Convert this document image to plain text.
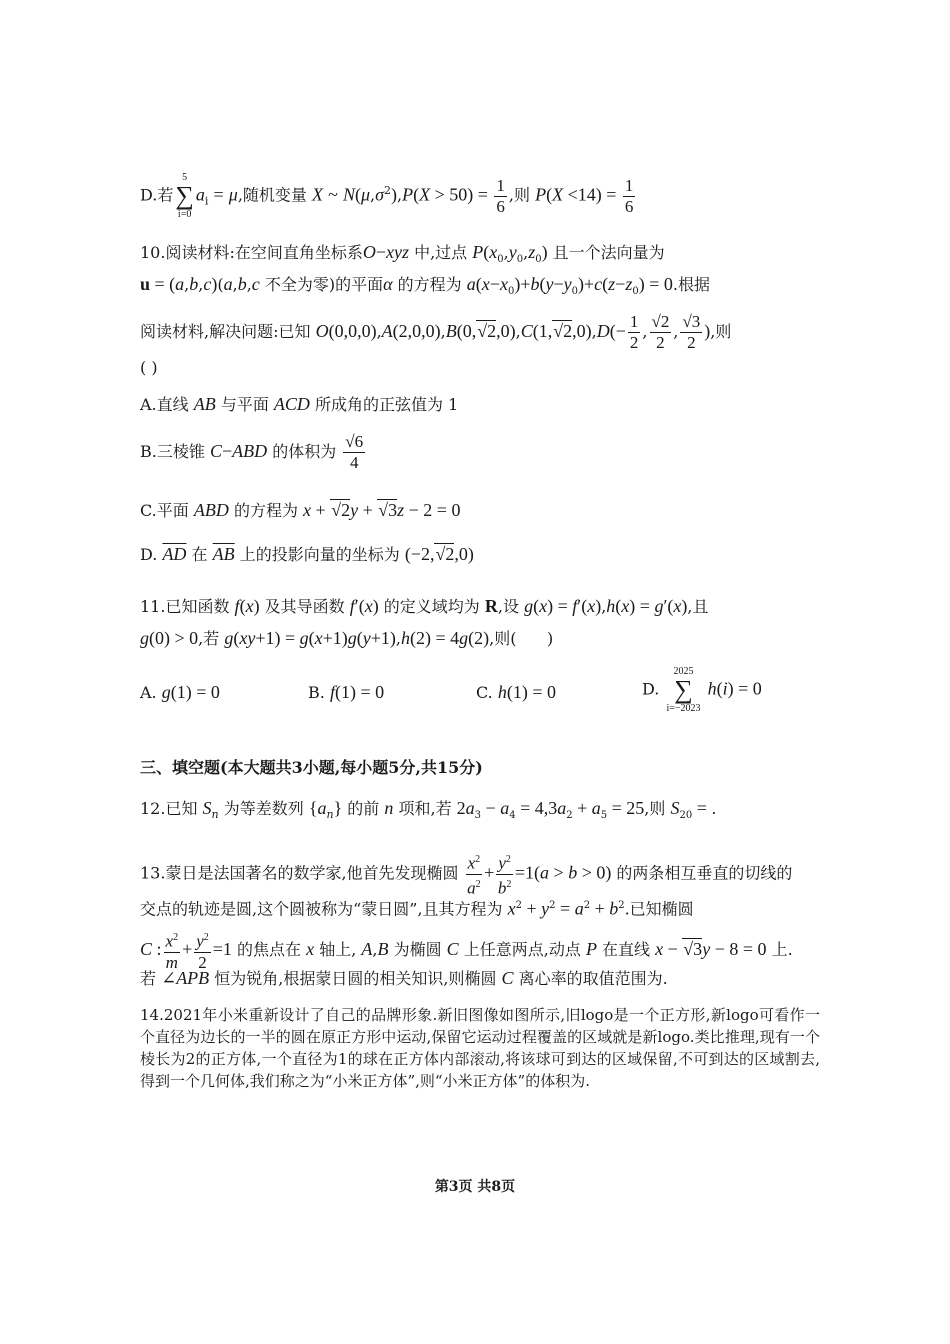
D.若
5
∑
i=0
$a_i = \mu$,随机变量 X ~ $N(\mu,\sigma^2),P(X > 50) = \frac{1}{6}$ ,则 $P(X <14) = \frac{1}{6}$
10.阅读材料:在空间直角坐标系O−xyz 中,过点 $P(x_0,y_0,z_0)$ 且一个法向量为
u = (a,b,c)(a,b,c 不全为零)的平面α 的方程为 $a(x-x_0)+b(y-y_0)+c(z-z_0) = 0$.根据
阅读材料,解决问题:已知 $O(0,0,0),A(2,0,0),B(0,√2,0),C(1,√2,0),D(- \frac{1}{2}$ , $\frac{√2}{2}$ , $\frac{√3}{2}$ ),则
( )
A.直线 AB 与平面 ACD 所成角的正弦值为 1
B.三棱锥 C−ABD 的体积为 $\frac{√6}{4}$
C.平面 ABD 的方程为 x + √2y + √3z − 2 = 0
D. $\overline{AD}$ 在 $\overline{AB}$ 上的投影向量的坐标为 (−2,√2,0)
11.已知函数 f(x) 及其导函数 f′(x) 的定义域均为 R,设 g(x) = f′(x),h(x) = g′(x),且
g(0) > 0,若 g(xy+1) = g(x+1)g(y+1),h(2) = 4g(2),则(      )
A. g(1) = 0	B. f(1) = 0	C. h(1) = 0	D.
2025
∑
i=−2023
h(i) = 0
三、填空题(本大题共3小题,每小题5分,共15分)
12.已知 $S_n$ 为等差数列 $\{a_n\}$ 的前 n 项和,若 $2a_3 - a_4 = 4,3a_2 + a_5 = 25$,则 $S_{20}$ = .
13.蒙日是法国著名的数学家,他首先发现椭圆 $\frac{x^2}{a^2} + \frac{y^2}{b^2} =1(a > b > 0)$ 的两条相互垂直的切线的
交点的轨迹是圆,这个圆被称为“蒙日圆”,且其方程为 $x^2 + y^2 = a^2 + b^2$.已知椭圆
C : $\frac{x^2}{m} + \frac{y^2}{2} =1$ 的焦点在 x 轴上, A,B 为椭圆 C 上任意两点,动点 P 在直线 x − √3y − 8 = 0 上.
若 ∠APB 恒为锐角,根据蒙日圆的相关知识,则椭圆 C 离心率的取值范围为.
14.2021年小米重新设计了自己的品牌形象.新旧图像如图所示,旧logo是一个正方形,新logo可看作一个直径为边长的一半的圆在原正方形中运动,保留它运动过程覆盖的区域就是新logo.类比推理,现有一个棱长为2的正方体,一个直径为1的球在正方体内部滚动,将该球可到达的区域保留,不可到达的区域割去,得到一个几何体,我们称之为“小米正方体”,则“小米正方体”的体积为.
第3页 共8页
